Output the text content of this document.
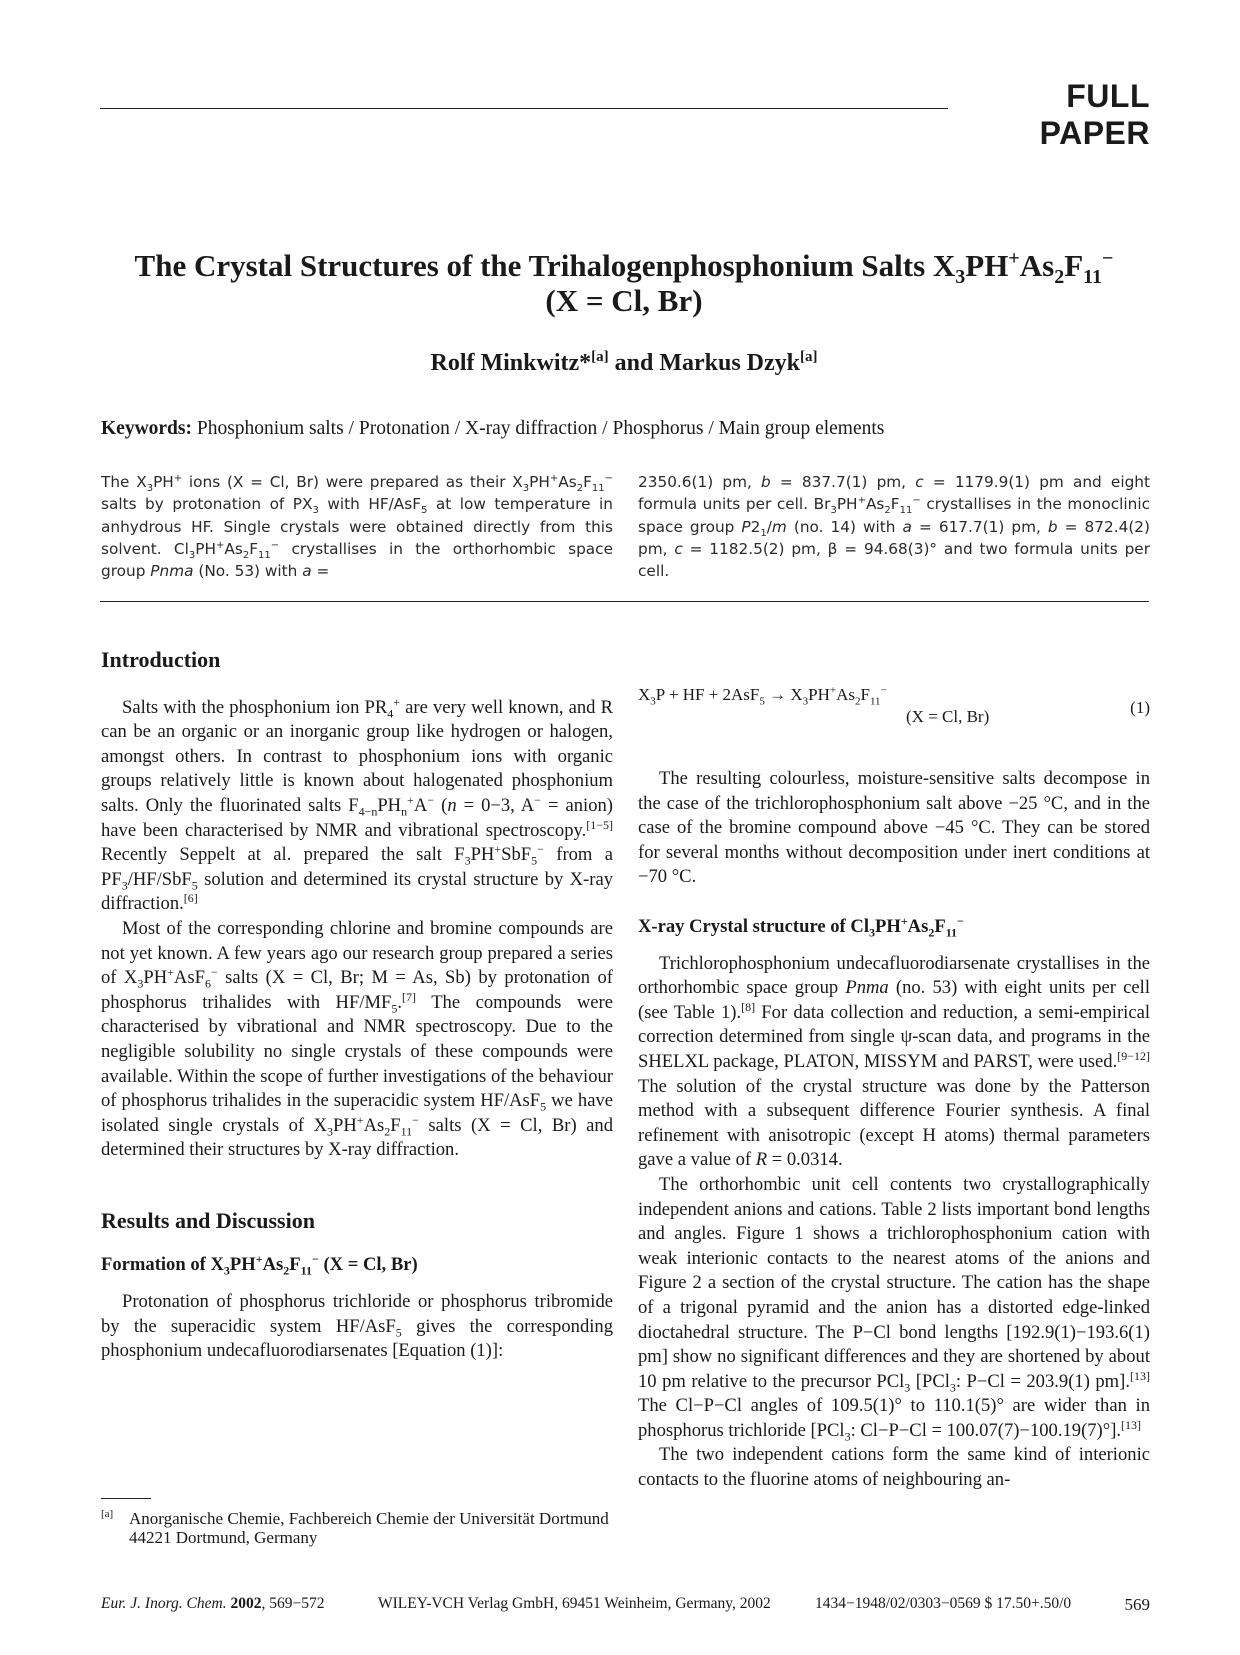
FULL PAPER
The Crystal Structures of the Trihalogenphosphonium Salts $X_3PH^+As_2F_{11}^-$
(X = Cl, Br)
Rolf Minkwitz*[a] and Markus Dzyk[a]
Keywords: Phosphonium salts / Protonation / X-ray diffraction / Phosphorus / Main group elements
The $X_3PH^+$ ions (X = Cl, Br) were prepared as their $X_3PH^+As_2F_{11}^-$ salts by protonation of $PX_3$ with HF/AsF$_5$ at low temperature in anhydrous HF. Single crystals were obtained directly from this solvent. $Cl_3PH^+As_2F_{11}^-$ crystallises in the orthorhombic space group Pnma (No. 53) with a =
2350.6(1) pm, b = 837.7(1) pm, c = 1179.9(1) pm and eight formula units per cell. $Br_3PH^+As_2F_{11}^-$ crystallises in the monoclinic space group $P2_1/m$ (no. 14) with a = 617.7(1) pm, b = 872.4(2) pm, c = 1182.5(2) pm, β = 94.68(3)° and two formula units per cell.
Introduction

Salts with the phosphonium ion $PR_4^+$ are very well known, and R can be an organic or an inorganic group like hydrogen or halogen, amongst others. In contrast to phosphonium ions with organic groups relatively little is known about halogenated phosphonium salts. Only the fluorinated salts $F_{4-n}PH_n^+A^-$ (n = 0−3, A− = anion) have been characterised by NMR and vibrational spectroscopy.[1−5] Recently Seppelt at al. prepared the salt $F_3PH^+SbF_5^-$ from a $PF_3/HF/SbF_5$ solution and determined its crystal structure by X-ray diffraction.[6]

Most of the corresponding chlorine and bromine compounds are not yet known. A few years ago our research group prepared a series of $X_3PH^+AsF_6^-$ salts (X = Cl, Br; M = As, Sb) by protonation of phosphorus trihalides with $HF/MF_5.[7]$ The compounds were characterised by vibrational and NMR spectroscopy. Due to the negligible solubility no single crystals of these compounds were available. Within the scope of further investigations of the behaviour of phosphorus trihalides in the superacidic system HF/AsF$_5$ we have isolated single crystals of $X_3PH^+As_2F_{11}^-$ salts (X = Cl, Br) and determined their structures by X-ray diffraction.

Results and Discussion
Formation of $X_3PH^+As_2F_{11}^-$ (X = Cl, Br)

Protonation of phosphorus trichloride or phosphorus tribromide by the superacidic system HF/AsF$_5$ gives the corresponding phosphonium undecafluorodiarsenates [Equation (1)]:

$X_3P$ + HF + $2AsF_5 \to X_3PH^+As_2F_{11}^-$
(X = Cl, Br)	(1)

The resulting colourless, moisture-sensitive salts decompose in the case of the trichlorophosphonium salt above −25 °C, and in the case of the bromine compound above −45 °C. They can be stored for several months without decomposition under inert conditions at −70 °C.

X-ray Crystal structure of $Cl_3PH^+As_2F_{11}^-$

Trichlorophosphonium undecafluorodiarsenate crystallises in the orthorhombic space group Pnma (no. 53) with eight units per cell (see Table 1).[8] For data collection and reduction, a semi-empirical correction determined from single ψ-scan data, and programs in the SHELXL package, PLATON, MISSYM and PARST, were used.[9−12] The solution of the crystal structure was done by the Patterson method with a subsequent difference Fourier synthesis. A final refinement with anisotropic (except H atoms) thermal parameters gave a value of R = 0.0314.

The orthorhombic unit cell contents two crystallographically independent anions and cations. Table 2 lists important bond lengths and angles. Figure 1 shows a trichlorophosphonium cation with weak interionic contacts to the nearest atoms of the anions and Figure 2 a section of the crystal structure. The cation has the shape of a trigonal pyramid and the anion has a distorted edge-linked dioctahedral structure. The P−Cl bond lengths [192.9(1)−193.6(1) pm] show no significant differences and they are shortened by about 10 pm relative to the precursor PCl$_3$ [PCl$_3$: P−Cl = 203.9(1) pm].[13] The Cl−P−Cl angles of 109.5(1)° to 110.1(5)° are wider than in phosphorus trichloride [PCl$_3$: Cl−P−Cl = 100.07(7)−100.19(7)°].[13]

The two independent cations form the same kind of interionic contacts to the fluorine atoms of neighbouring an-

[a] Anorganische Chemie, Fachbereich Chemie der Universität Dortmund
44221 Dortmund, Germany
Eur. J. Inorg. Chem. 2002, 569−572	WILEY-VCH Verlag GmbH, 69451 Weinheim, Germany, 2002	1434−1948/02/0303−0569 $ 17.50+.50/0	569
